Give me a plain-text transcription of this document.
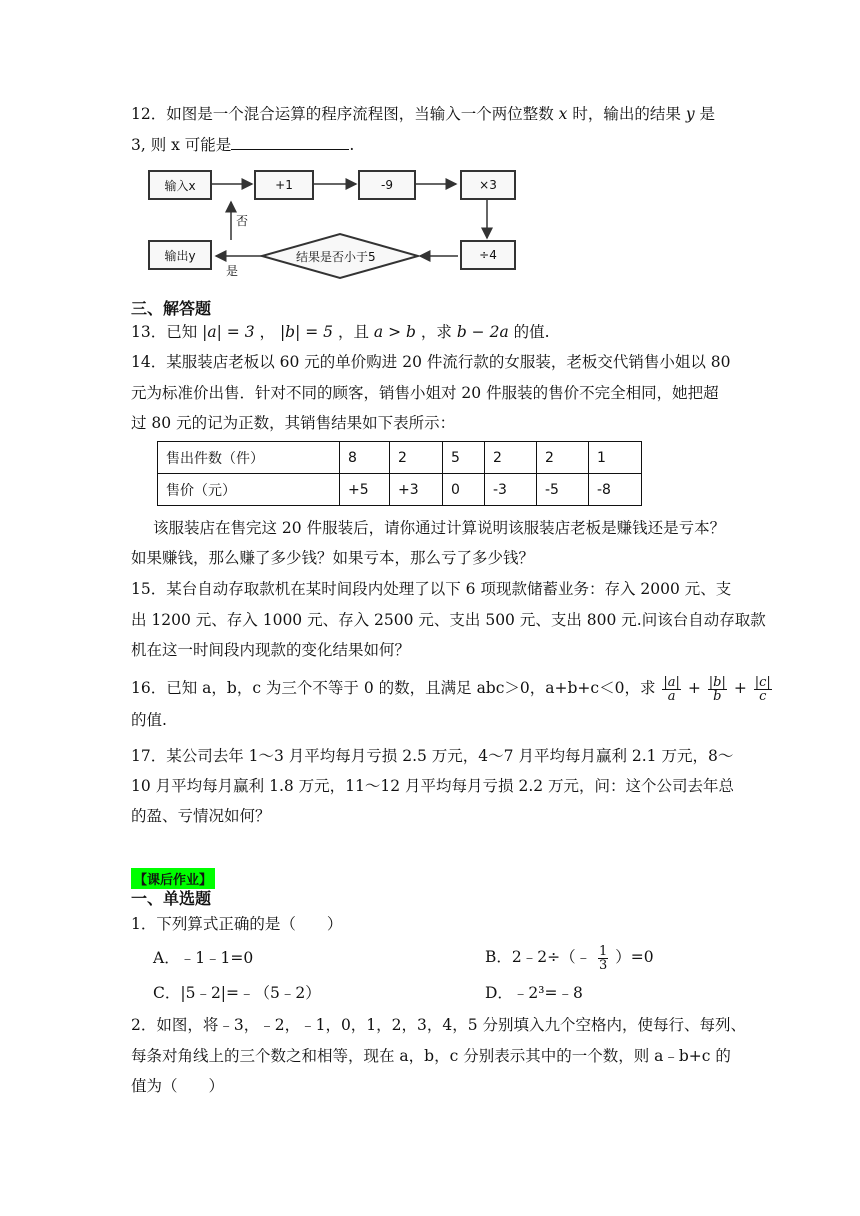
12．如图是一个混合运算的程序流程图，当输入一个两位整数 x 时，输出的结果 y 是
3, 则 x 可能是	.
输入x	+1	-9	×3
÷4
输出y	结果是否小于5
否
是
三、解答题
13．已知 |a| = 3 ， |b| = 5 ，且 a > b ，求 b − 2a 的值.
14．某服装店老板以 60 元的单价购进 20 件流行款的女服装，老板交代销售小姐以 80
元为标准价出售．针对不同的顾客，销售小姐对 20 件服装的售价不完全相同，她把超
过 80 元的记为正数，其销售结果如下表所示：
售出件数（件）	8	2	5	2	2	1
售价（元）	+5	+3	0	-3	-5	-8
该服装店在售完这 20 件服装后，请你通过计算说明该服装店老板是赚钱还是亏本？
如果赚钱，那么赚了多少钱？如果亏本，那么亏了多少钱？
15．某台自动存取款机在某时间段内处理了以下 6 项现款储蓄业务：存入 2000 元、支
出 1200 元、存入 1000 元、存入 2500 元、支出 500 元、支出 800 元.问该台自动存取款
机在这一时间段内现款的变化结果如何？
16．已知 a，b，c 为三个不等于 0 的数，且满足 abc＞0，a+b+c＜0，求 $\frac{|a|}{a} + \frac{|b|}{b} + \frac{|c|}{c}$
的值.
17．某公司去年 1～3 月平均每月亏损 2.5 万元，4～7 月平均每月赢利 2.1 万元，8～
10 月平均每月赢利 1.8 万元，11～12 月平均每月亏损 2.2 万元，问：这个公司去年总
的盈、亏情况如何？
【课后作业】
一、单选题
1．下列算式正确的是（　　）
A．﹣1﹣1=0	B．2﹣2÷（﹣ $\frac{1}{3} )=0$
C．|5﹣2|=﹣（5﹣2）	D．﹣2³=﹣8
2．如图，将﹣3，﹣2，﹣1，0，1，2，3，4，5 分别填入九个空格内，使每行、每列、
每条对角线上的三个数之和相等，现在 a，b，c 分别表示其中的一个数，则 a﹣b+c 的
值为（　　）
